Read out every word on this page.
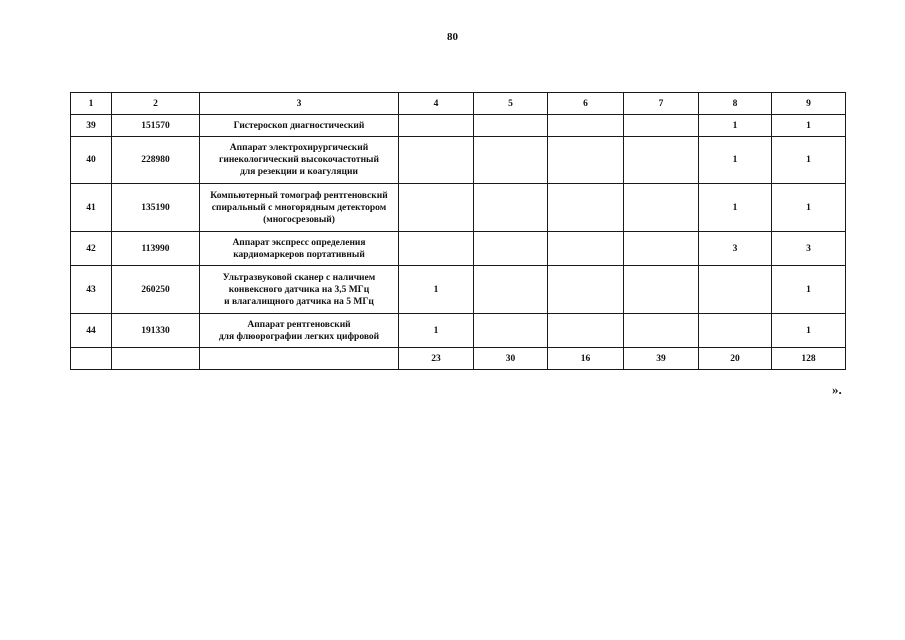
80
1	2	3	4	5	6	7	8	9
39	151570	Гистероскоп диагностический					1	1
40	228980	Аппарат электрохирургический
гинекологический высокочастотный
для резекции и коагуляции					1	1
41	135190	Компьютерный томограф рентгеновский
спиральный с многорядным детектором
(многосрезовый)					1	1
42	113990	Аппарат экспресс определения
кардиомаркеров портативный					3	3
43	260250	Ультразвуковой сканер с наличием
конвексного датчика на 3,5 МГц
и влагалищного датчика на 5 МГц	1					1
44	191330	Аппарат рентгеновский
для флюорографии легких цифровой	1					1
			23	30	16	39	20	128
».
